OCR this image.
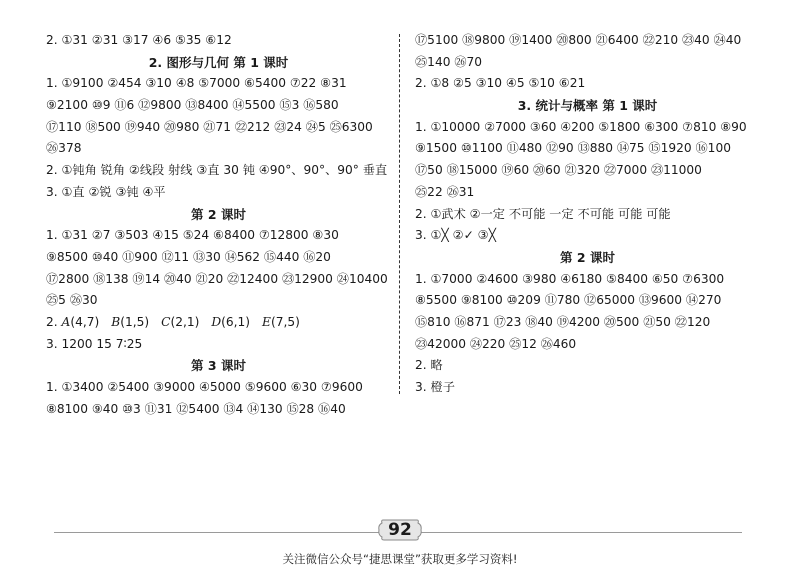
2. ①31 ②31 ③17 ④6 ⑤35 ⑥12
2. 图形与几何 第 1 课时
1. ①9100 ②454 ③10 ④8 ⑤7000 ⑥5400 ⑦22 ⑧31
⑨2100 ⑩9 ⑪6 ⑫9800 ⑬8400 ⑭5500 ⑮3 ⑯580
⑰110 ⑱500 ⑲940 ⑳980 ㉑71 ㉒212 ㉓24 ㉔5 ㉕6300
㉖378
2. ①钝角 锐角 ②线段 射线 ③直 30 钝 ④90°、90°、90° 垂直
3. ①直 ②锐 ③钝 ④平
第 2 课时
1. ①31 ②7 ③503 ④15 ⑤24 ⑥8400 ⑦12800 ⑧30
⑨8500 ⑩40 ⑪900 ⑫11 ⑬30 ⑭562 ⑮440 ⑯20
⑰2800 ⑱138 ⑲14 ⑳40 ㉑20 ㉒12400 ㉓12900 ㉔10400
㉕5 ㉖30
2. A(4,7) B(1,5) C(2,1) D(6,1) E(7,5)
3. 1200 15 7∶25
第 3 课时
1. ①3400 ②5400 ③9000 ④5000 ⑤9600 ⑥30 ⑦9600
⑧8100 ⑨40 ⑩3 ⑪31 ⑫5400 ⑬4 ⑭130 ⑮28 ⑯40
⑰5100 ⑱9800 ⑲1400 ⑳800 ㉑6400 ㉒210 ㉓40 ㉔40
㉕140 ㉖70
2. ①8 ②5 ③10 ④5 ⑤10 ⑥21
3. 统计与概率 第 1 课时
1. ①10000 ②7000 ③60 ④200 ⑤1800 ⑥300 ⑦810 ⑧90
⑨1500 ⑩1100 ⑪480 ⑫90 ⑬880 ⑭75 ⑮1920 ⑯100
⑰50 ⑱15000 ⑲60 ⑳60 ㉑320 ㉒7000 ㉓11000
㉕22 ㉖31
2. ①武术 ②一定 不可能 一定 不可能 可能 可能
3. ①╳ ②✓ ③╳
第 2 课时
1. ①7000 ②4600 ③980 ④6180 ⑤8400 ⑥50 ⑦6300
⑧5500 ⑨8100 ⑩209 ⑪780 ⑫65000 ⑬9600 ⑭270
⑮810 ⑯871 ⑰23 ⑱40 ⑲4200 ⑳500 ㉑50 ㉒120
㉓42000 ㉔220 ㉕12 ㉖460
2. 略
3. 橙子
92
关注微信公众号“捷思课堂”获取更多学习资料!
